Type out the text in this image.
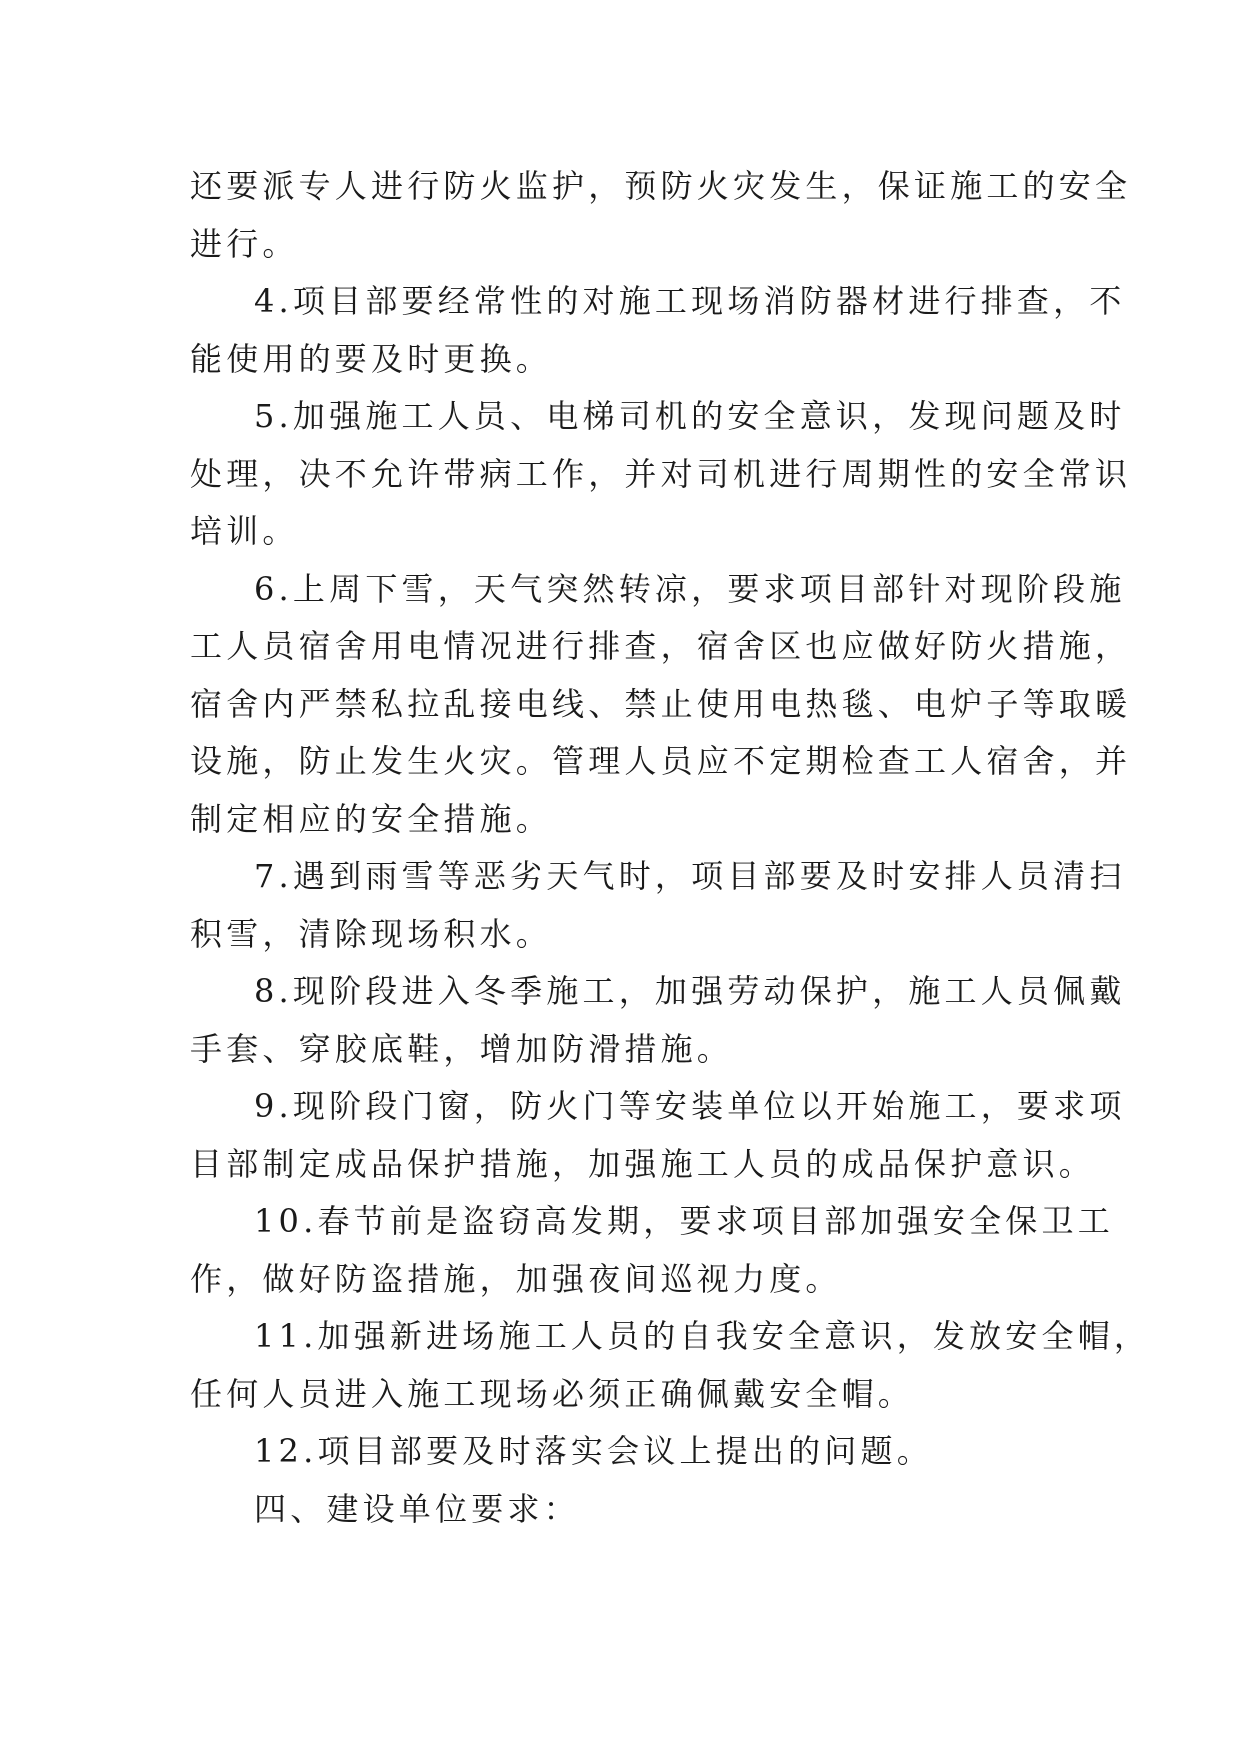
还要派专人进行防火监护，预防火灾发生，保证施工的安全
进行。
4.项目部要经常性的对施工现场消防器材进行排查，不
能使用的要及时更换。
5.加强施工人员、电梯司机的安全意识，发现问题及时
处理，决不允许带病工作，并对司机进行周期性的安全常识
培训。
6.上周下雪，天气突然转凉，要求项目部针对现阶段施
工人员宿舍用电情况进行排查，宿舍区也应做好防火措施，
宿舍内严禁私拉乱接电线、禁止使用电热毯、电炉子等取暖
设施，防止发生火灾。管理人员应不定期检查工人宿舍，并
制定相应的安全措施。
7.遇到雨雪等恶劣天气时，项目部要及时安排人员清扫
积雪，清除现场积水。
8.现阶段进入冬季施工，加强劳动保护，施工人员佩戴
手套、穿胶底鞋，增加防滑措施。
9.现阶段门窗，防火门等安装单位以开始施工，要求项
目部制定成品保护措施，加强施工人员的成品保护意识。
10.春节前是盗窃高发期，要求项目部加强安全保卫工
作，做好防盗措施，加强夜间巡视力度。
11.加强新进场施工人员的自我安全意识，发放安全帽，
任何人员进入施工现场必须正确佩戴安全帽。
12.项目部要及时落实会议上提出的问题。
四、建设单位要求：
